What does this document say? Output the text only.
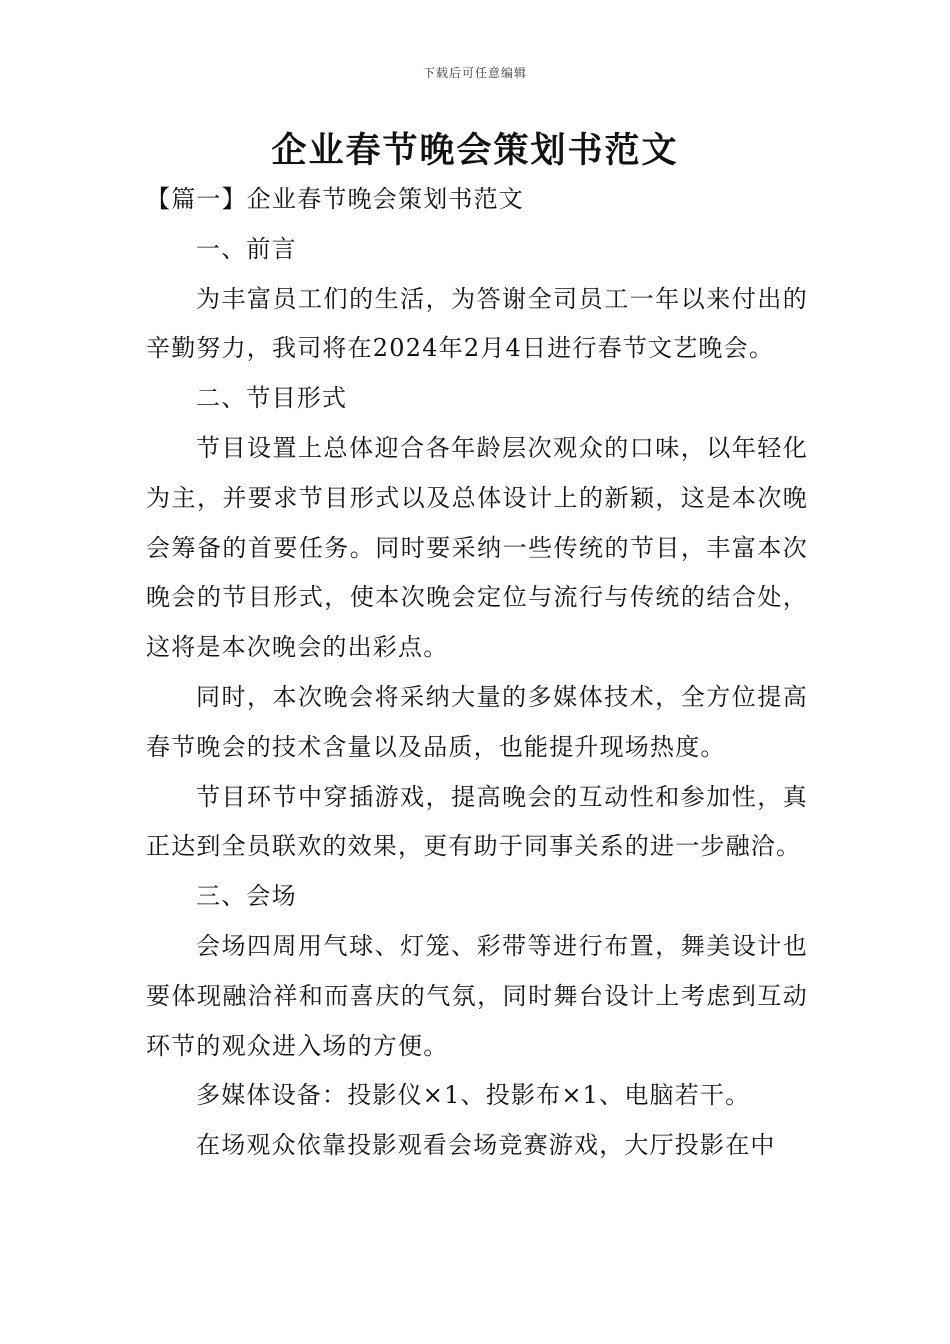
下载后可任意编辑
企业春节晚会策划书范文

【篇一】企业春节晚会策划书范文

一、前言

为丰富员工们的生活，为答谢全司员工一年以来付出的辛勤努力，我司将在2024年2月4日进行春节文艺晚会。

二、节目形式

节目设置上总体迎合各年龄层次观众的口味，以年轻化为主，并要求节目形式以及总体设计上的新颖，这是本次晚会筹备的首要任务。同时要采纳一些传统的节目，丰富本次晚会的节目形式，使本次晚会定位与流行与传统的结合处，这将是本次晚会的出彩点。

同时，本次晚会将采纳大量的多媒体技术，全方位提高春节晚会的技术含量以及品质，也能提升现场热度。

节目环节中穿插游戏，提高晚会的互动性和参加性，真正达到全员联欢的效果，更有助于同事关系的进一步融洽。

三、会场

会场四周用气球、灯笼、彩带等进行布置，舞美设计也要体现融洽祥和而喜庆的气氛，同时舞台设计上考虑到互动环节的观众进入场的方便。

多媒体设备：投影仪×1、投影布×1、电脑若干。

在场观众依靠投影观看会场竞赛游戏，大厅投影在中
